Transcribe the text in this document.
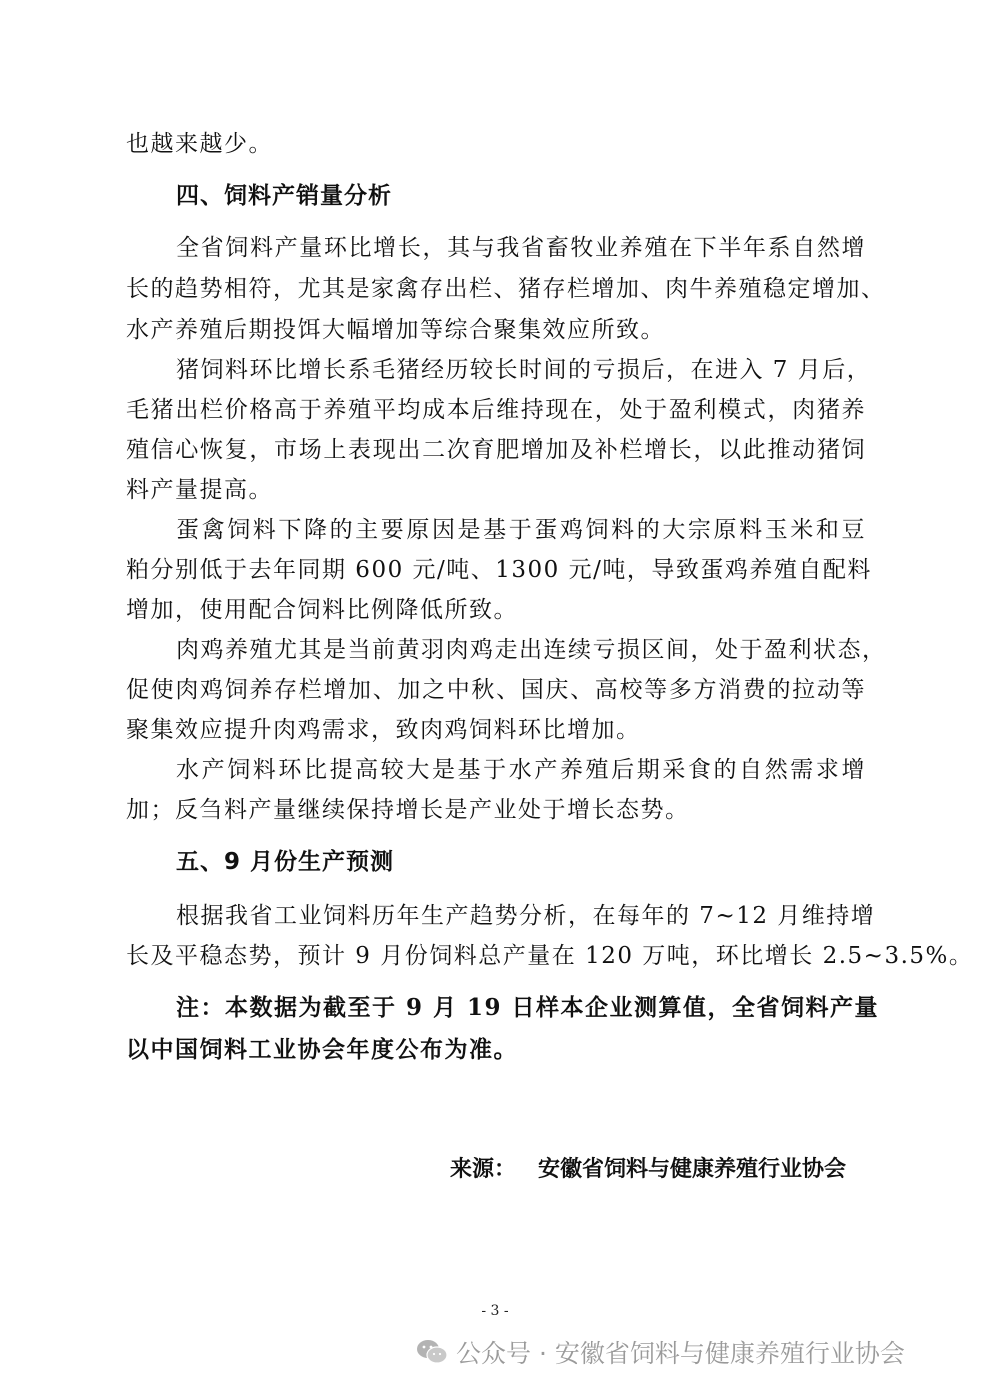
也越来越少。
四、饲料产销量分析
全省饲料产量环比增长，其与我省畜牧业养殖在下半年系自然增
长的趋势相符，尤其是家禽存出栏、猪存栏增加、肉牛养殖稳定增加、
水产养殖后期投饵大幅增加等综合聚集效应所致。
猪饲料环比增长系毛猪经历较长时间的亏损后，在进入 7 月后，
毛猪出栏价格高于养殖平均成本后维持现在，处于盈利模式，肉猪养
殖信心恢复，市场上表现出二次育肥增加及补栏增长，以此推动猪饲
料产量提高。
蛋禽饲料下降的主要原因是基于蛋鸡饲料的大宗原料玉米和豆
粕分别低于去年同期 600 元/吨、1300 元/吨，导致蛋鸡养殖自配料
增加，使用配合饲料比例降低所致。
肉鸡养殖尤其是当前黄羽肉鸡走出连续亏损区间，处于盈利状态，
促使肉鸡饲养存栏增加、加之中秋、国庆、高校等多方消费的拉动等
聚集效应提升肉鸡需求，致肉鸡饲料环比增加。
水产饲料环比提高较大是基于水产养殖后期采食的自然需求增
加；反刍料产量继续保持增长是产业处于增长态势。
五、9 月份生产预测
根据我省工业饲料历年生产趋势分析，在每年的 7~12 月维持增
长及平稳态势，预计 9 月份饲料总产量在 120 万吨，环比增长 2.5~3.5%。
注：本数据为截至于 9 月 19 日样本企业测算值，全省饲料产量
以中国饲料工业协会年度公布为准。
来源： 安徽省饲料与健康养殖行业协会
- 3 -
公众号 · 安徽省饲料与健康养殖行业协会
